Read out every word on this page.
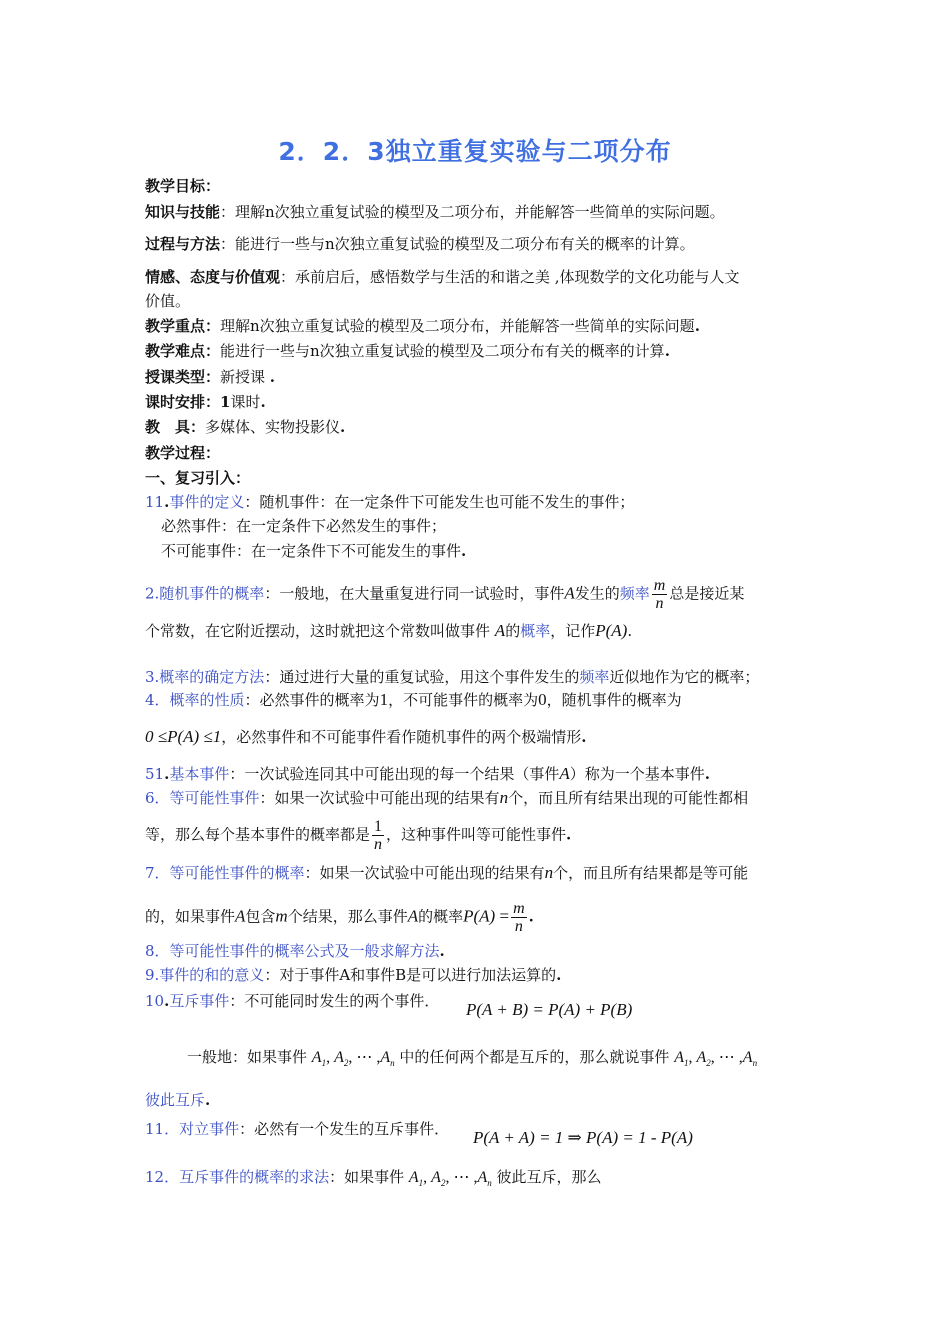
2．2．3独立重复实验与二项分布
教学目标：
知识与技能：理解n次独立重复试验的模型及二项分布，并能解答一些简单的实际问题。
过程与方法：能进行一些与n次独立重复试验的模型及二项分布有关的概率的计算。
情感、态度与价值观：承前启后，感悟数学与生活的和谐之美 ,体现数学的文化功能与人文
价值。
教学重点：理解n次独立重复试验的模型及二项分布，并能解答一些简单的实际问题.
教学难点：能进行一些与n次独立重复试验的模型及二项分布有关的概率的计算.
授课类型：新授课 .
课时安排：1课时.
教　具：多媒体、实物投影仪.
教学过程：
一、复习引入：
11.事件的定义：随机事件：在一定条件下可能发生也可能不发生的事件；
必然事件：在一定条件下必然发生的事件；
不可能事件：在一定条件下不可能发生的事件.
2.随机事件的概率：一般地，在大量重复进行同一试验时，事件A发生的频率 $\frac{m}{n}$ 总是接近某
个常数，在它附近摆动，这时就把这个常数叫做事件 A的概率，记作P(A).
3.概率的确定方法：通过进行大量的重复试验，用这个事件发生的频率近似地作为它的概率；
4．概率的性质：必然事件的概率为1，不可能事件的概率为0，随机事件的概率为
0 ≤P(A) ≤1，必然事件和不可能事件看作随机事件的两个极端情形.
51.基本事件：一次试验连同其中可能出现的每一个结果（事件A）称为一个基本事件.
6．等可能性事件：如果一次试验中可能出现的结果有n个，而且所有结果出现的可能性都相
等，那么每个基本事件的概率都是 $\frac{1}{n}$ ，这种事件叫等可能性事件.
7．等可能性事件的概率：如果一次试验中可能出现的结果有n个，而且所有结果都是等可能
的，如果事件A包含m个结果，那么事件A的概率$P(A) = \frac{m}{n}$ .
8．等可能性事件的概率公式及一般求解方法.
9.事件的和的意义：对于事件A和事件B是可以进行加法运算的.
10.互斥事件：不可能同时发生的两个事件．	P(A + B) = P(A) + P(B)
一般地：如果事件 $A_1$, $A_2$, ⋯ $,A_n$ 中的任何两个都是互斥的，那么就说事件 $A_1$, $A_2$, ⋯ $,A_n$
彼此互斥.
11．对立事件：必然有一个发生的互斥事件．	P(A + A) = 1 ⇒ P(A) = 1 - P(A)
12．互斥事件的概率的求法：如果事件 $A_1$, $A_2$, ⋯ $,A_n$ 彼此互斥，那么
